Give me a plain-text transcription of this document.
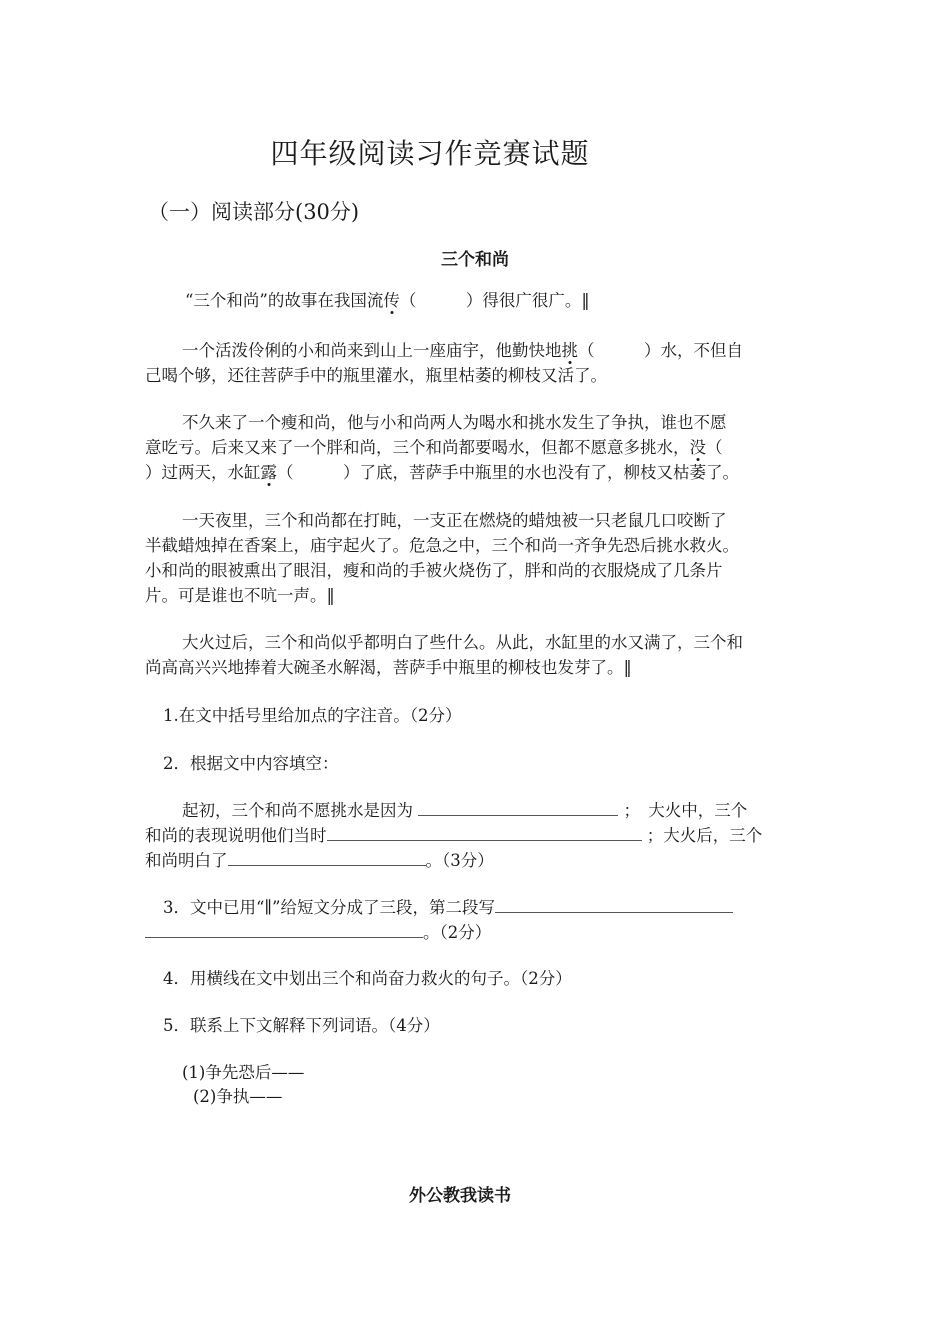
四年级阅读习作竞赛试题
（一）阅读部分(30分)
三个和尚
“三个和尚”的故事在我国流传（　　　）得很广很广。‖
一个活泼伶俐的小和尚来到山上一座庙宇，他勤快地挑（　　　）水，不但自
己喝个够，还往菩萨手中的瓶里灌水，瓶里枯萎的柳枝又活了。
不久来了一个瘦和尚，他与小和尚两人为喝水和挑水发生了争执，谁也不愿
意吃亏。后来又来了一个胖和尚，三个和尚都要喝水，但都不愿意多挑水，没（
）过两天，水缸露（　　　）了底，菩萨手中瓶里的水也没有了，柳枝又枯萎了。
一天夜里，三个和尚都在打盹，一支正在燃烧的蜡烛被一只老鼠几口咬断了
半截蜡烛掉在香案上，庙宇起火了。危急之中，三个和尚一齐争先恐后挑水救火。
小和尚的眼被熏出了眼泪，瘦和尚的手被火烧伤了，胖和尚的衣服烧成了几条片
片。可是谁也不吭一声。‖
大火过后，三个和尚似乎都明白了些什么。从此，水缸里的水又满了，三个和
尚高高兴兴地捧着大碗圣水解渴，菩萨手中瓶里的柳枝也发芽了。‖
1.在文中括号里给加点的字注音。（2分）
2．根据文中内容填空：
起初，三个和尚不愿挑水是因为	；　大火中，三个
和尚的表现说明他们当时	；大火后，三个
和尚明白了	。（3分）
3．文中已用“∥”给短文分成了三段，第二段写
。（2分）
4．用横线在文中划出三个和尚奋力救火的句子。（2分）
5．联系上下文解释下列词语。（4分）
(1)争先恐后——
(2)争执——
外公教我读书
